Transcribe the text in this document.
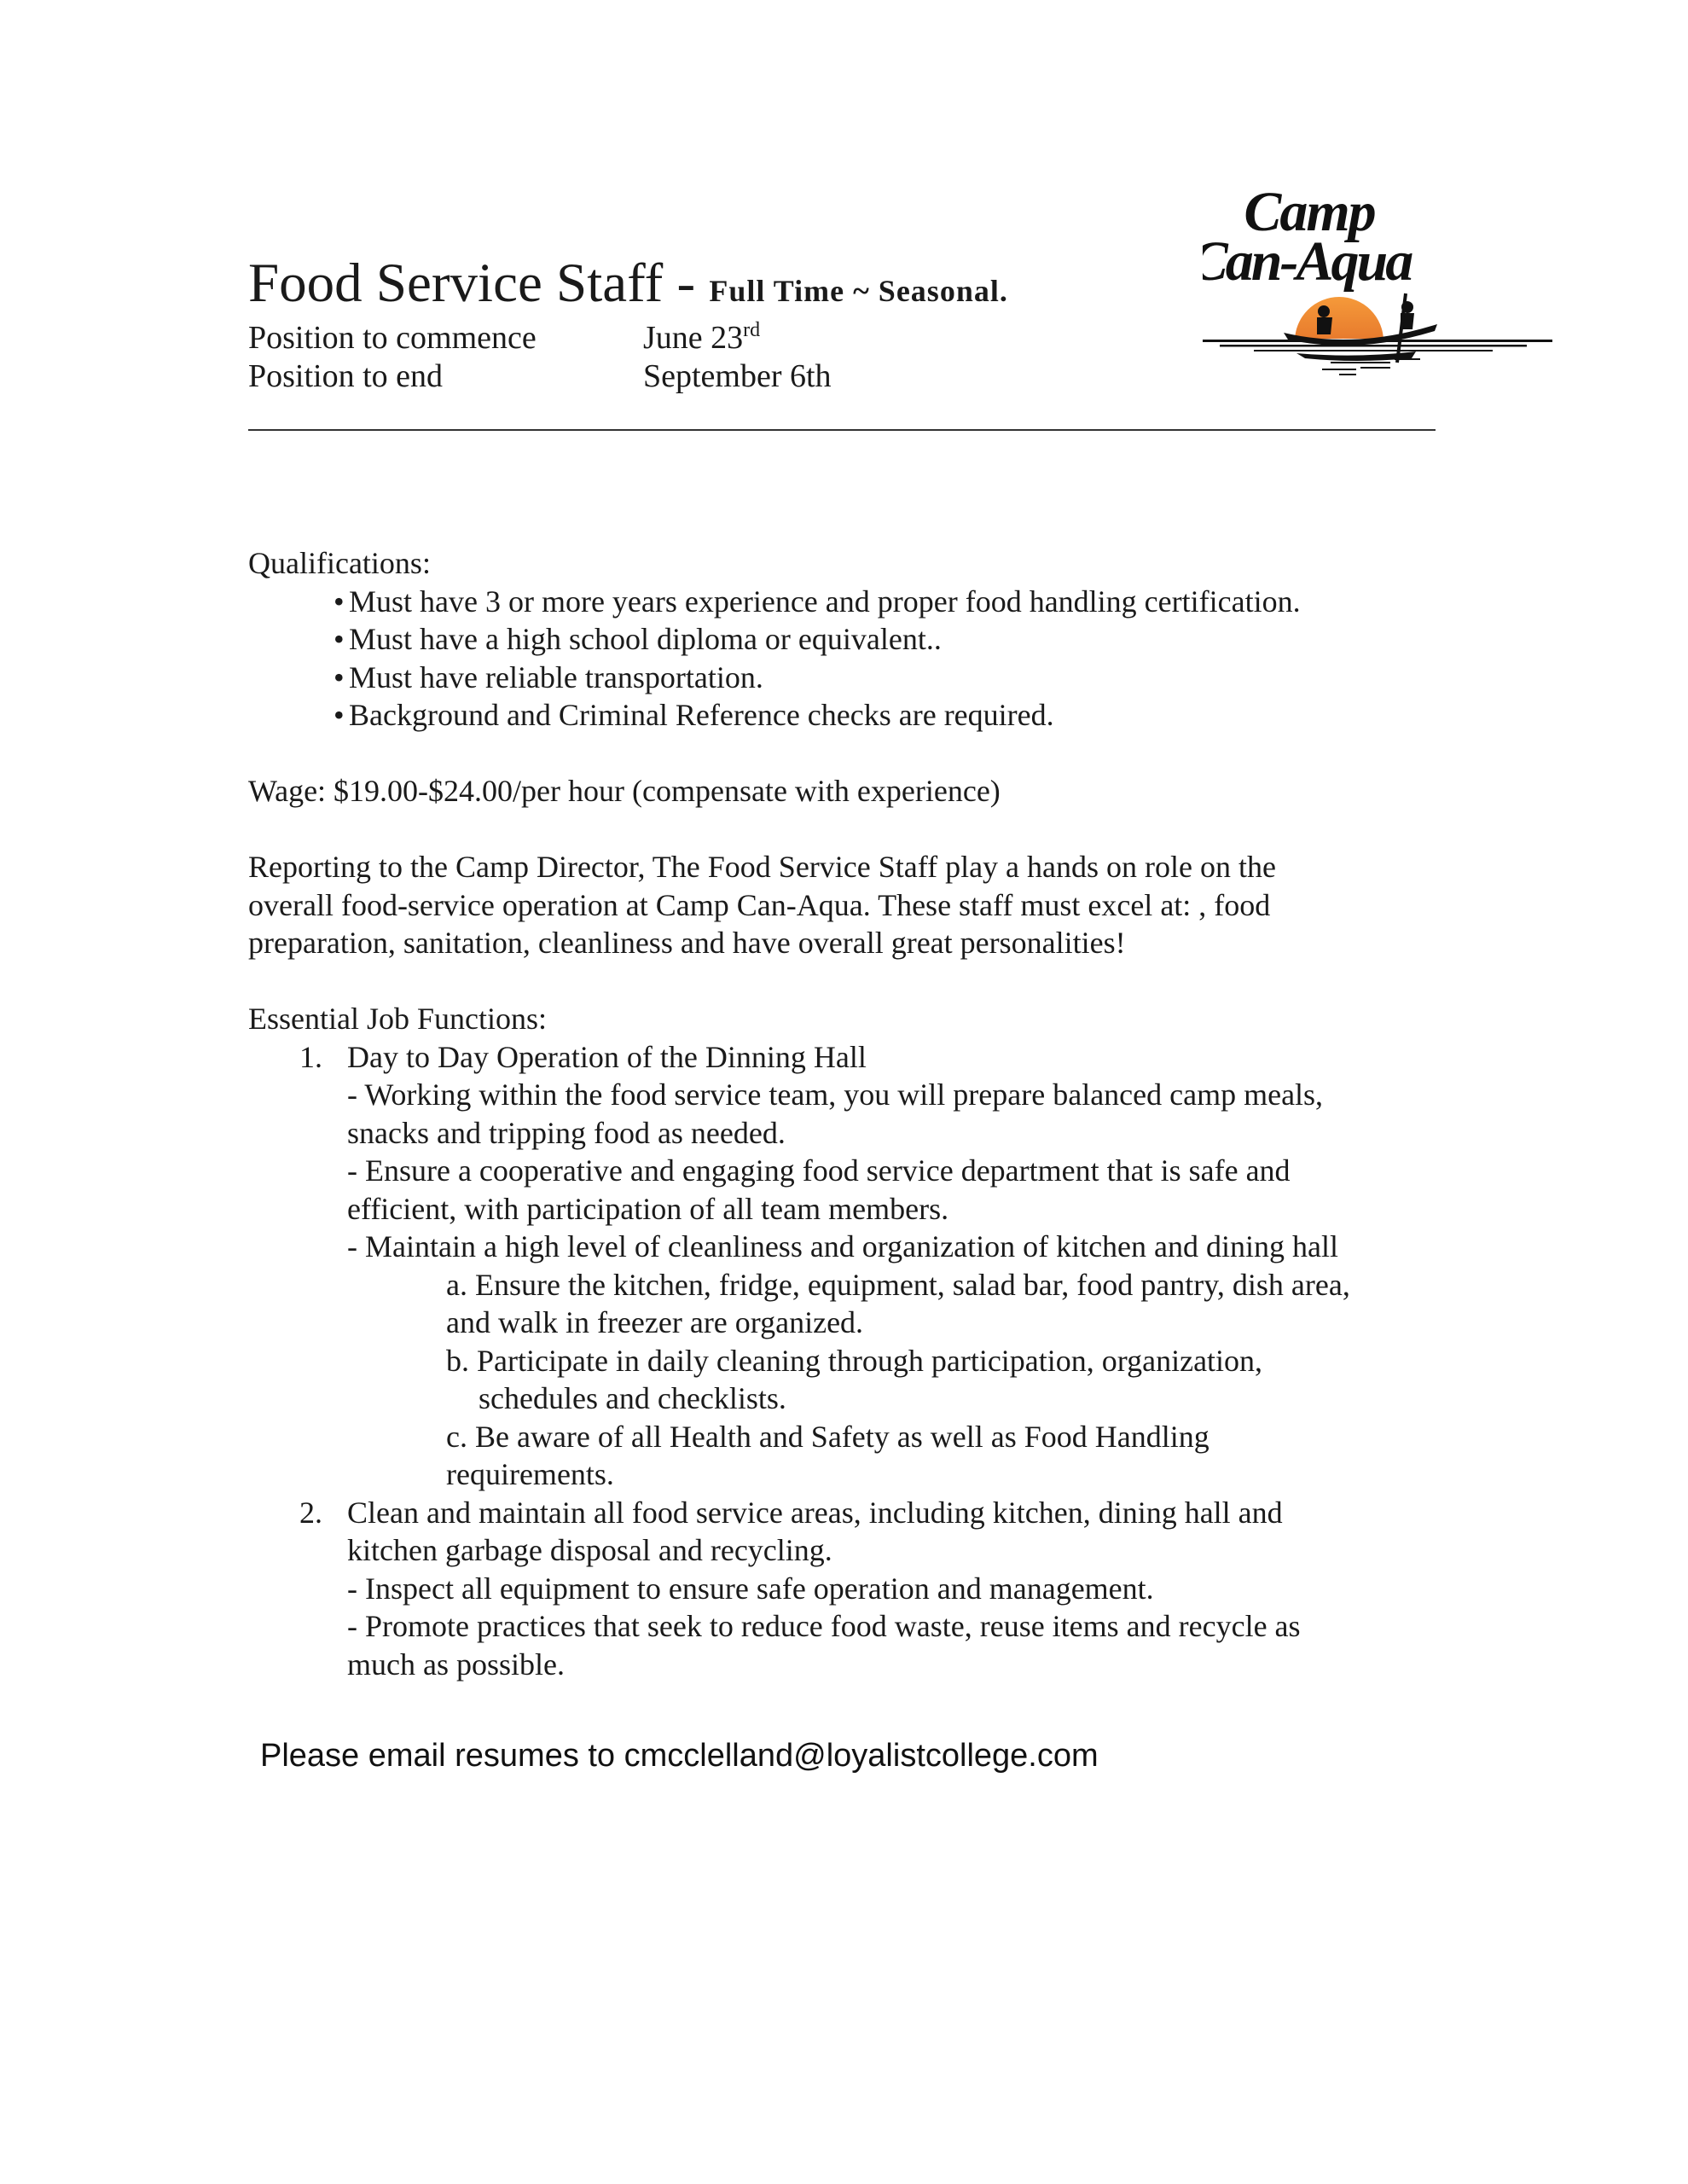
Food Service Staff - Full Time ~ Seasonal.
Position to commence	June 23rd
Position to end	September 6th
Camp
Can-Aqua
Qualifications:
• Must have 3 or more years experience and proper food handling certification.
• Must have a high school diploma or equivalent..
• Must have reliable transportation.
• Background and Criminal Reference checks are required.
Wage: $19.00-$24.00/per hour (compensate with experience)
Reporting to the Camp Director, The Food Service Staff play a hands on role on the
overall food-service operation at Camp Can-Aqua. These staff must excel at: , food
preparation, sanitation, cleanliness and have overall great personalities!
Essential Job Functions:
1. Day to Day Operation of the Dinning Hall
- Working within the food service team, you will prepare balanced camp meals,
snacks and tripping food as needed.
- Ensure a cooperative and engaging food service department that is safe and
efficient, with participation of all team members.
- Maintain a high level of cleanliness and organization of kitchen and dining hall
a. Ensure the kitchen, fridge, equipment, salad bar, food pantry, dish area,
and walk in freezer are organized.
b. Participate in daily cleaning through participation, organization,
schedules and checklists.
c. Be aware of all Health and Safety as well as Food Handling
requirements.
2. Clean and maintain all food service areas, including kitchen, dining hall and
kitchen garbage disposal and recycling.
- Inspect all equipment to ensure safe operation and management.
- Promote practices that seek to reduce food waste, reuse items and recycle as
much as possible.
Please email resumes to cmcclelland@loyalistcollege.com
